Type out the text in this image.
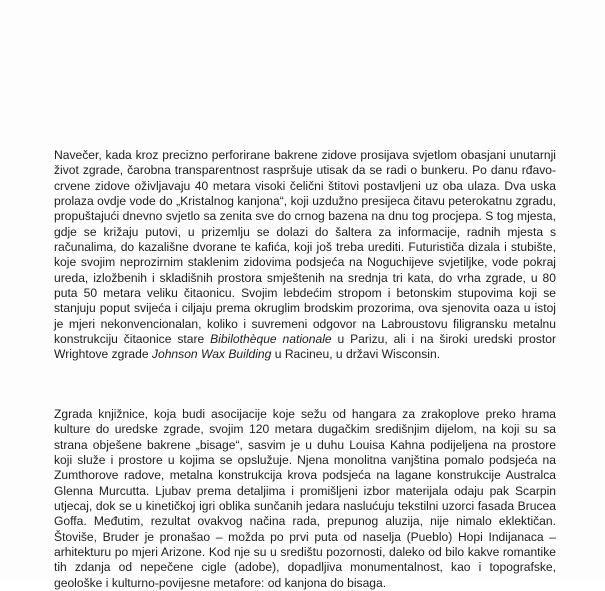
Navečer, kada kroz precizno perforirane bakrene zidove prosijava svjetlom obasjani unutarnji život zgrade, čarobna transparentnost raspršuje utisak da se radi o bunkeru. Po danu rđavo-crvene zidove oživljavaju 40 metara visoki čelični štitovi postavljeni uz oba ulaza. Dva uska prolaza ovdje vode do „Kristalnog kanjona“, koji uzdužno presijeca čitavu peterokatnu zgradu, propuštajući dnevno svjetlo sa zenita sve do crnog bazena na dnu tog procjepa. S tog mjesta, gdje se križaju putovi, u prizemlju se dolazi do šaltera za informacije, radnih mjesta s računalima, do kazališne dvorane te kafića, koji još treba urediti. Futurističa dizala i stubište, koje svojim neprozirnim staklenim zidovima podsjeća na Noguchijeve svjetiljke, vode pokraj ureda, izložbenih i skladišnih prostora smještenih na srednja tri kata, do vrha zgrade, u 80 puta 50 metara veliku čitaonicu. Svojim lebdećim stropom i betonskim stupovima koji se stanjuju poput svijeća i ciljaju prema okruglim brodskim prozorima, ova sjenovita oaza u istoj je mjeri nekonvencionalan, koliko i suvremeni odgovor na Labroustovu filigransku metalnu konstrukciju čitaonice stare Bibilothèque nationale u Parizu, ali i na široki uredski prostor Wrightove zgrade Johnson Wax Building u Racineu, u državi Wisconsin.

Zgrada knjižnice, koja budi asocijacije koje sežu od hangara za zrakoplove preko hrama kulture do uredske zgrade, svojim 120 metara dugačkim središnjim dijelom, na koji su sa strana obješene bakrene „bisage“, sasvim je u duhu Louisa Kahna podijeljena na prostore koji služe i prostore u kojima se opslužuje. Njena monolitna vanjština pomalo podsjeća na Zumthorove radove, metalna konstrukcija krova podsjeća na lagane konstrukcije Australca Glenna Murcutta. Ljubav prema detaljima i promišljeni izbor materijala odaju pak Scarpin utjecaj, dok se u kinetičkoj igri oblika sunčanih jedara naslućuju tekstilni uzorci fasada Brucea Goffa. Međutim, rezultat ovakvog načina rada, prepunog aluzija, nije nimalo eklektičan. Štoviše, Bruder je pronašao – možda po prvi puta od naselja (Pueblo) Hopi Indijanaca – arhitekturu po mjeri Arizone. Kod nje su u središtu pozornosti, daleko od bilo kakve romantike tih zdanja od nepečene cigle (adobe), dopadljiva monumentalnost, kao i topografske, geološke i kulturno-povijesne metafore: od kanjona do bisaga.
